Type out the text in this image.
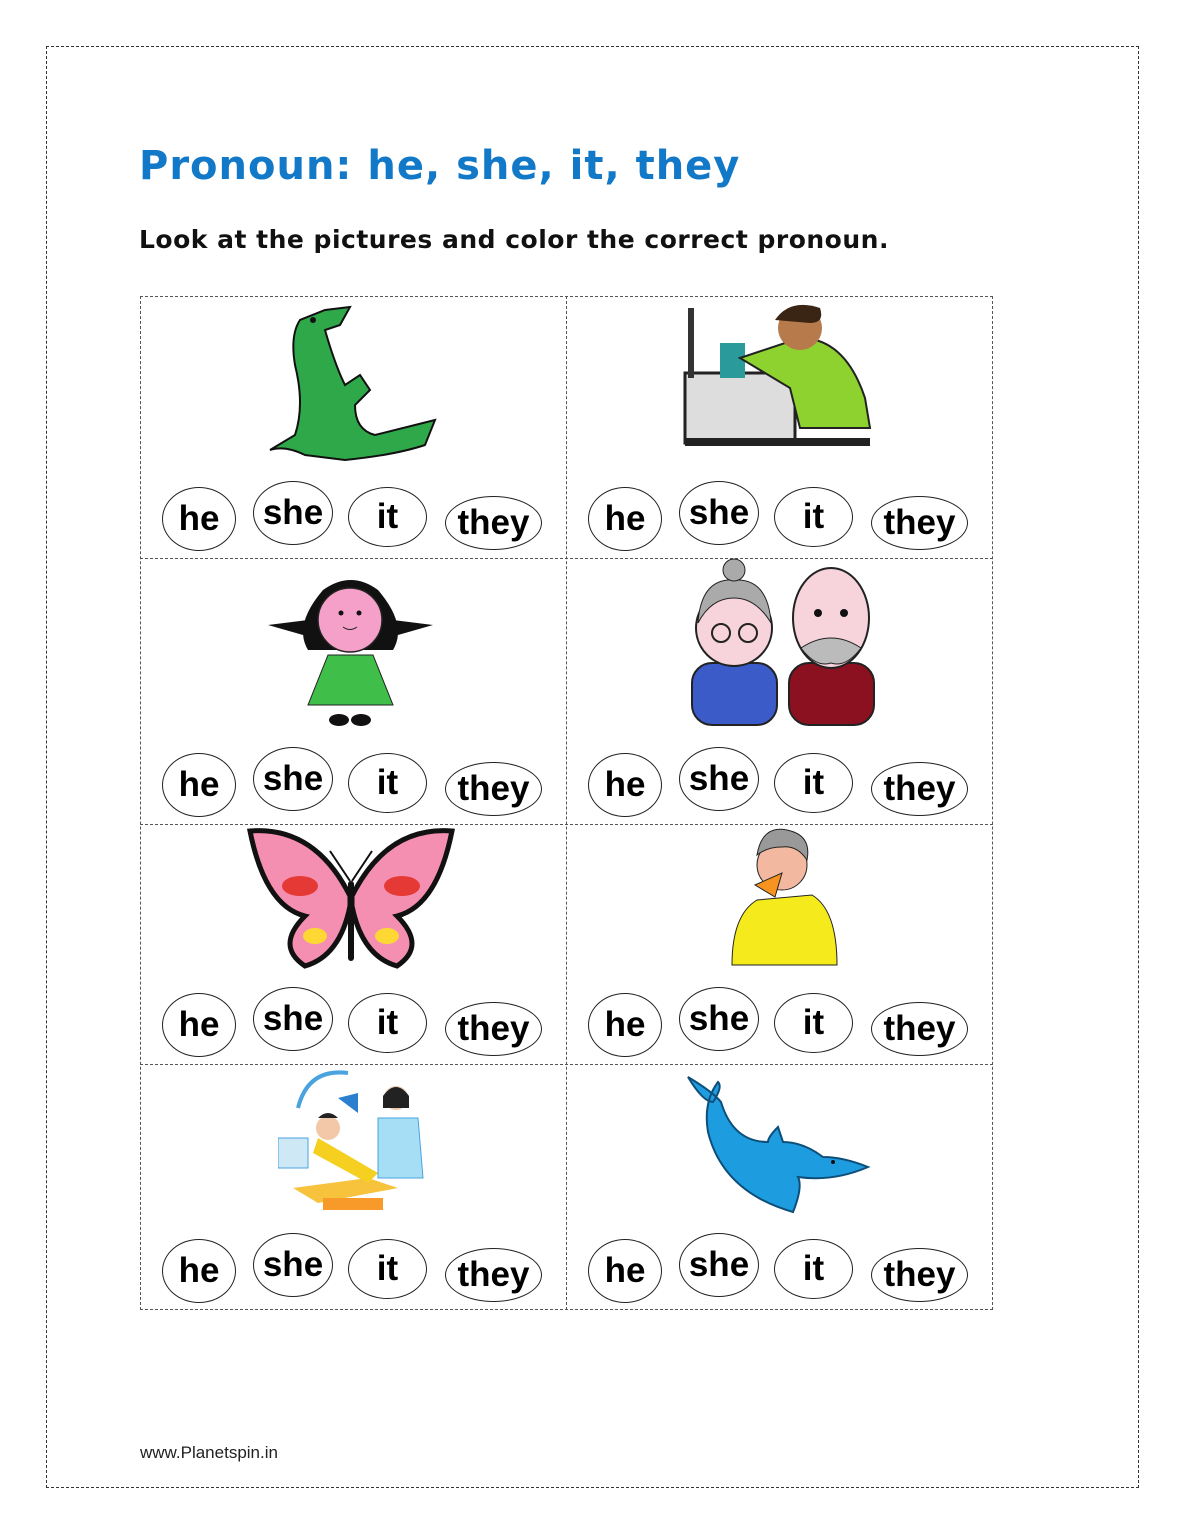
Pronoun: he, she, it, they
Look at the pictures and color the correct pronoun.
he	she	it	they	he	she	it	they
he	she	it	they	he	she	it	they
he	she	it	they	he	she	it	they
he	she	it	they	he	she	it	they
www.Planetspin.in
